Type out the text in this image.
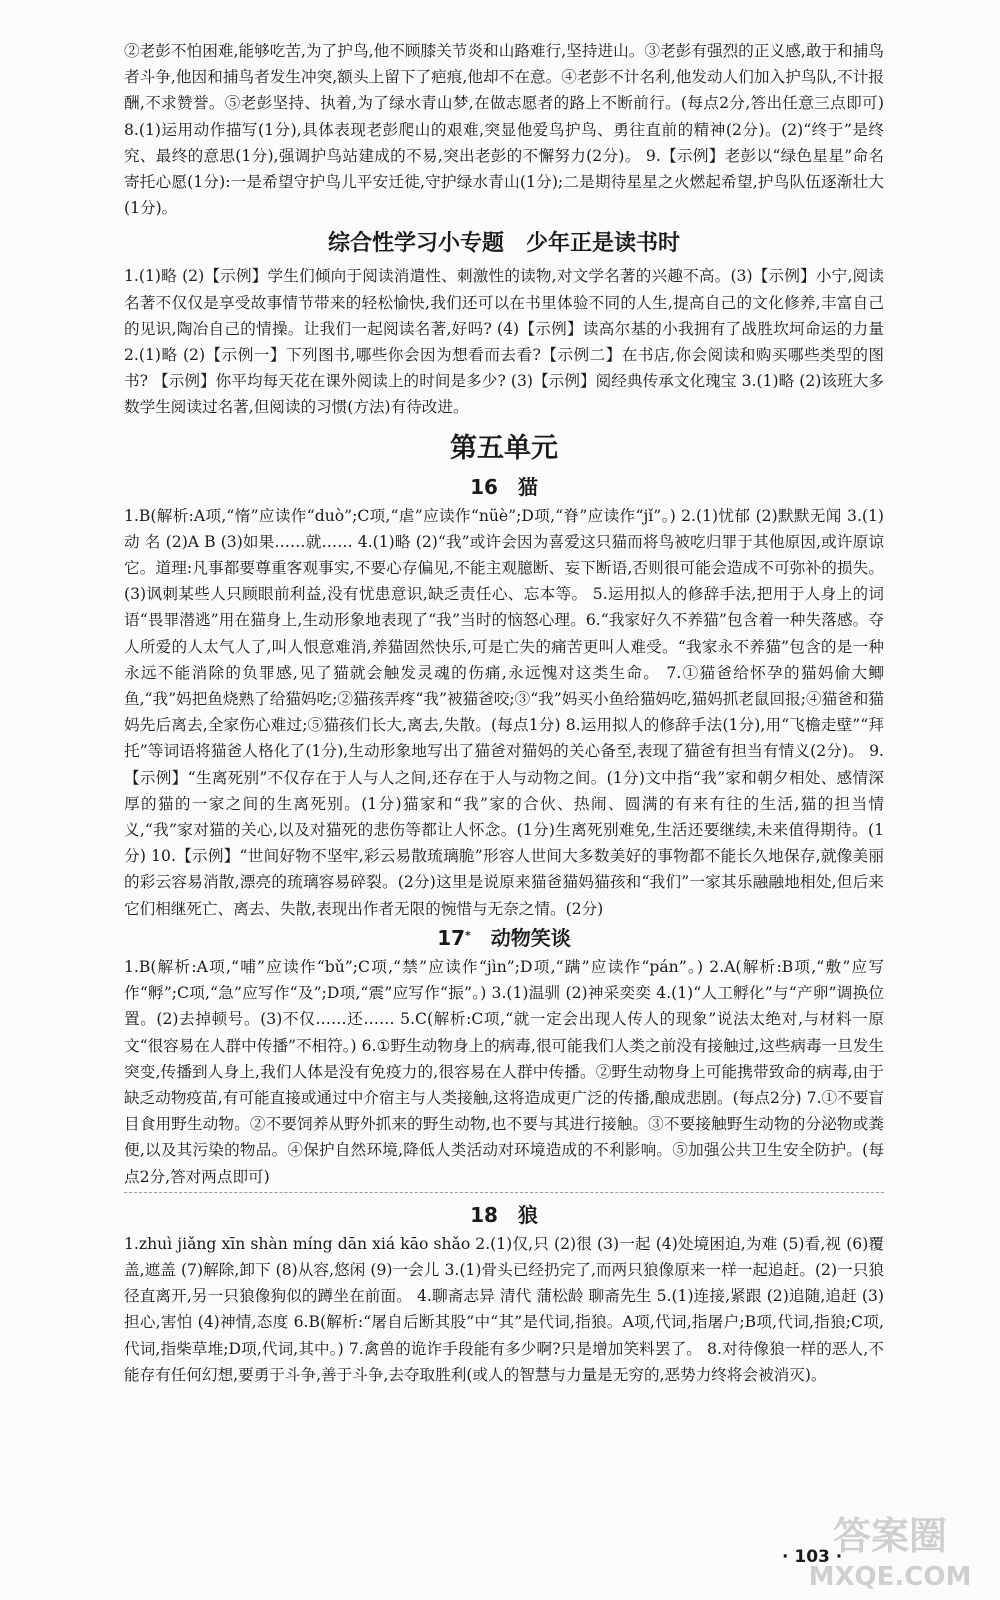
②老彭不怕困难,能够吃苦,为了护鸟,他不顾膝关节炎和山路难行,坚持进山。③老彭有强烈的正义感,敢于和捕鸟者斗争,他因和捕鸟者发生冲突,额头上留下了疤痕,他却不在意。④老彭不计名利,他发动人们加入护鸟队,不计报酬,不求赞誉。⑤老彭坚持、执着,为了绿水青山梦,在做志愿者的路上不断前行。(每点2分,答出任意三点即可) 8.(1)运用动作描写(1分),具体表现老彭爬山的艰难,突显他爱鸟护鸟、勇往直前的精神(2分)。(2)“终于”是终究、最终的意思(1分),强调护鸟站建成的不易,突出老彭的不懈努力(2分)。 9.【示例】老彭以“绿色星星”命名寄托心愿(1分):一是希望守护鸟儿平安迁徙,守护绿水青山(1分);二是期待星星之火燃起希望,护鸟队伍逐渐壮大(1分)。

综合性学习小专题　少年正是读书时

1.(1)略 (2)【示例】学生们倾向于阅读消遣性、刺激性的读物,对文学名著的兴趣不高。(3)【示例】小宁,阅读名著不仅仅是享受故事情节带来的轻松愉快,我们还可以在书里体验不同的人生,提高自己的文化修养,丰富自己的见识,陶冶自己的情操。让我们一起阅读名著,好吗? (4)【示例】读高尔基的小我拥有了战胜坎坷命运的力量 2.(1)略 (2)【示例一】下列图书,哪些你会因为想看而去看?【示例二】在书店,你会阅读和购买哪些类型的图书? 【示例】你平均每天花在课外阅读上的时间是多少? (3)【示例】阅经典传承文化瑰宝 3.(1)略 (2)该班大多数学生阅读过名著,但阅读的习惯(方法)有待改进。

第五单元
16　猫

1.B(解析:A项,“惰”应读作“duò”;C项,“虐”应读作“nüè”;D项,“脊”应读作“jǐ”。) 2.(1)忧郁 (2)默默无闻 3.(1)动 名 (2)A B (3)如果……就…… 4.(1)略 (2)“我”或许会因为喜爱这只猫而将鸟被吃归罪于其他原因,或许原谅它。道理:凡事都要尊重客观事实,不要心存偏见,不能主观臆断、妄下断语,否则很可能会造成不可弥补的损失。(3)讽刺某些人只顾眼前利益,没有忧患意识,缺乏责任心、忘本等。 5.运用拟人的修辞手法,把用于人身上的词语“畏罪潜逃”用在猫身上,生动形象地表现了“我”当时的恼怒心理。6.“我家好久不养猫”包含着一种失落感。夺人所爱的人太气人了,叫人恨意难消,养猫固然快乐,可是亡失的痛苦更叫人难受。“我家永不养猫”包含的是一种永远不能消除的负罪感,见了猫就会触发灵魂的伤痛,永远愧对这类生命。 7.①猫爸给怀孕的猫妈偷大鲫鱼,“我”妈把鱼烧熟了给猫妈吃;②猫孩弄疼“我”被猫爸咬;③“我”妈买小鱼给猫妈吃,猫妈抓老鼠回报;④猫爸和猫妈先后离去,全家伤心难过;⑤猫孩们长大,离去,失散。(每点1分) 8.运用拟人的修辞手法(1分),用“飞檐走壁”“拜托”等词语将猫爸人格化了(1分),生动形象地写出了猫爸对猫妈的关心备至,表现了猫爸有担当有情义(2分)。 9.【示例】“生离死别”不仅存在于人与人之间,还存在于人与动物之间。(1分)文中指“我”家和朝夕相处、感情深厚的猫的一家之间的生离死别。(1分)猫家和“我”家的合伙、热闹、圆满的有来有往的生活,猫的担当情义,“我”家对猫的关心,以及对猫死的悲伤等都让人怀念。(1分)生离死别难免,生活还要继续,未来值得期待。(1分) 10.【示例】“世间好物不坚牢,彩云易散琉璃脆”形容人世间大多数美好的事物都不能长久地保存,就像美丽的彩云容易消散,漂亮的琉璃容易碎裂。(2分)这里是说原来猫爸猫妈猫孩和“我们”一家其乐融融地相处,但后来它们相继死亡、离去、失散,表现出作者无限的惋惜与无奈之情。(2分)

17*　 动物笑谈

1.B(解析:A项,“哺”应读作“bǔ”;C项,“禁”应读作“jìn”;D项,“蹒”应读作“pán”。) 2.A(解析:B项,“敷”应写作“孵”;C项,“急”应写作“及”;D项,“震”应写作“振”。) 3.(1)温驯 (2)神采奕奕 4.(1)“人工孵化”与“产卵”调换位置。(2)去掉顿号。(3)不仅……还…… 5.C(解析:C项,“就一定会出现人传人的现象”说法太绝对,与材料一原文“很容易在人群中传播”不相符。) 6.①野生动物身上的病毒,很可能我们人类之前没有接触过,这些病毒一旦发生突变,传播到人身上,我们人体是没有免疫力的,很容易在人群中传播。②野生动物身上可能携带致命的病毒,由于缺乏动物疫苗,有可能直接或通过中介宿主与人类接触,这将造成更广泛的传播,酿成悲剧。(每点2分) 7.①不要盲目食用野生动物。②不要饲养从野外抓来的野生动物,也不要与其进行接触。③不要接触野生动物的分泌物或粪便,以及其污染的物品。④保护自然环境,降低人类活动对环境造成的不利影响。⑤加强公共卫生安全防护。(每点2分,答对两点即可)

18　狼

1.zhuì jiǎng xīn shàn míng dān xiá kāo shǎo 2.(1)仅,只 (2)很 (3)一起 (4)处境困迫,为难 (5)看,视 (6)覆盖,遮盖 (7)解除,卸下 (8)从容,悠闲 (9)一会儿 3.(1)骨头已经扔完了,而两只狼像原来一样一起追赶。(2)一只狼径直离开,另一只狼像狗似的蹲坐在前面。 4.聊斋志异 清代 蒲松龄 聊斋先生 5.(1)连接,紧跟 (2)追随,追赶 (3)担心,害怕 (4)神情,态度 6.B(解析:“屠自后断其股”中“其”是代词,指狼。A项,代词,指屠户;B项,代词,指狼;C项,代词,指柴草堆;D项,代词,其中。) 7.禽兽的诡诈手段能有多少啊?只是增加笑料罢了。 8.对待像狼一样的恶人,不能存有任何幻想,要勇于斗争,善于斗争,去夺取胜利(或人的智慧与力量是无穷的,恶势力终将会被消灭)。

· 103 ·
答案圈
MXQE.COM
